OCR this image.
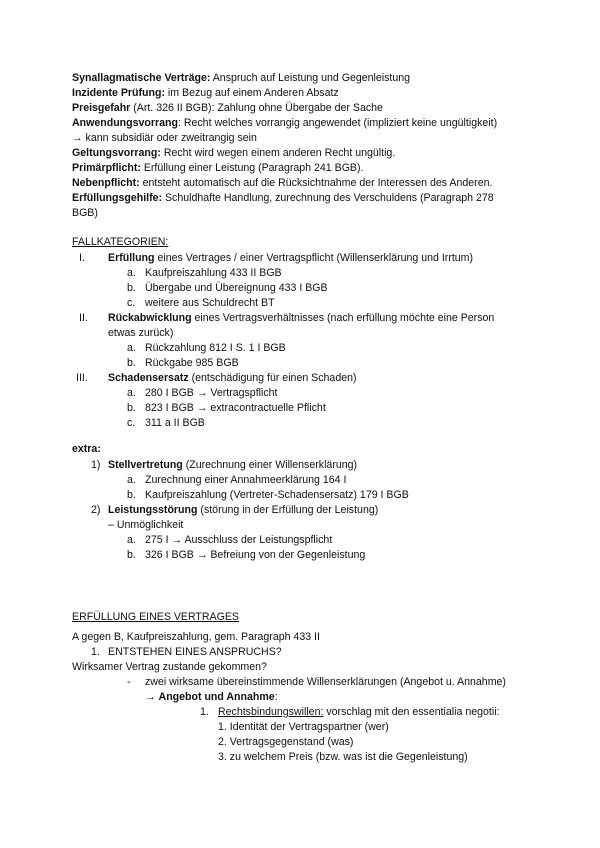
Synallagmatische Verträge: Anspruch auf Leistung und Gegenleistung
Inzidente Prüfung: im Bezug auf einem Anderen Absatz
Preisgefahr (Art. 326 II BGB): Zahlung ohne Übergabe der Sache
Anwendungsvorrang: Recht welches vorrangig angewendet (impliziert keine ungültigkeit)
→ kann subsidiär oder zweitrangig sein
Geltungsvorrang: Recht wird wegen einem anderen Recht ungültig.
Primärpflicht: Erfüllung einer Leistung (Paragraph 241 BGB).
Nebenpflicht: entsteht automatisch auf die Rücksichtnahme der Interessen des Anderen.
Erfüllungsgehilfe: Schuldhafte Handlung, zurechnung des Verschuldens (Paragraph 278
BGB)
FALLKATEGORIEN:
I. Erfüllung eines Vertrages / einer Vertragspflicht (Willenserklärung und Irrtum)
a. Kaufpreiszahlung 433 II BGB
b. Übergabe und Übereignung 433 I BGB
c. weitere aus Schuldrecht BT
II. Rückabwicklung eines Vertragsverhältnisses (nach erfüllung möchte eine Person
etwas zurück)
a. Rückzahlung 812 I S. 1 I BGB
b. Rückgabe 985 BGB
III. Schadensersatz (entschädigung für einen Schaden)
a. 280 I BGB → Vertragspflicht
b. 823 I BGB → extracontractuelle Pflicht
c. 311 a II BGB
extra:
1) Stellvertretung (Zurechnung einer Willenserklärung)
a. Zurechnung einer Annahmeerklärung 164 I
b. Kaufpreiszahlung (Vertreter-Schadensersatz) 179 I BGB
2) Leistungsstörung (störung in der Erfüllung der Leistung)
– Unmöglichkeit
a. 275 I → Ausschluss der Leistungspflicht
b. 326 I BGB → Befreiung von der Gegenleistung
ERFÜLLUNG EINES VERTRAGES
A gegen B, Kaufpreiszahlung, gem. Paragraph 433 II
1. ENTSTEHEN EINES ANSPRUCHS?
Wirksamer Vertrag zustande gekommen?
- zwei wirksame übereinstimmende Willenserklärungen (Angebot u. Annahme)
→ Angebot und Annahme:
1. Rechtsbindungswillen: vorschlag mit den essentialia negotii:
1. Identität der Vertragspartner (wer)
2. Vertragsgegenstand (was)
3. zu welchem Preis (bzw. was ist die Gegenleistung)
